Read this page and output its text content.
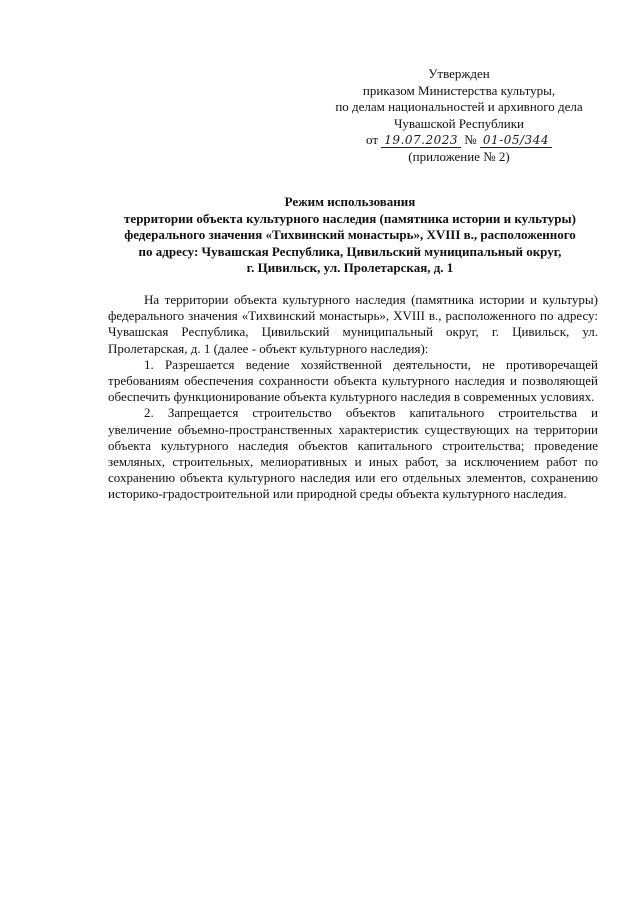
Утвержден
приказом Министерства культуры,
по делам национальностей и архивного дела
Чувашской Республики
от 19.07.2023 № 01-05/344
(приложение № 2)
Режим использования
территории объекта культурного наследия (памятника истории и культуры)
федерального значения «Тихвинский монастырь», XVIII в., расположенного
по адресу: Чувашская Республика, Цивильский муниципальный округ,
г. Цивильск, ул. Пролетарская, д. 1

На территории объекта культурного наследия (памятника истории и культуры) федерального значения «Тихвинский монастырь», XVIII в., расположенного по адресу: Чувашская Республика, Цивильский муниципальный округ, г. Цивильск, ул. Пролетарская, д. 1 (далее - объект культурного наследия):

1. Разрешается ведение хозяйственной деятельности, не противоречащей требованиям обеспечения сохранности объекта культурного наследия и позволяющей обеспечить функционирование объекта культурного наследия в современных условиях.

2. Запрещается строительство объектов капитального строительства и увеличение объемно-пространственных характеристик существующих на территории объекта культурного наследия объектов капитального строительства; проведение земляных, строительных, мелиоративных и иных работ, за исключением работ по сохранению объекта культурного наследия или его отдельных элементов, сохранению историко-градостроительной или природной среды объекта культурного наследия.
